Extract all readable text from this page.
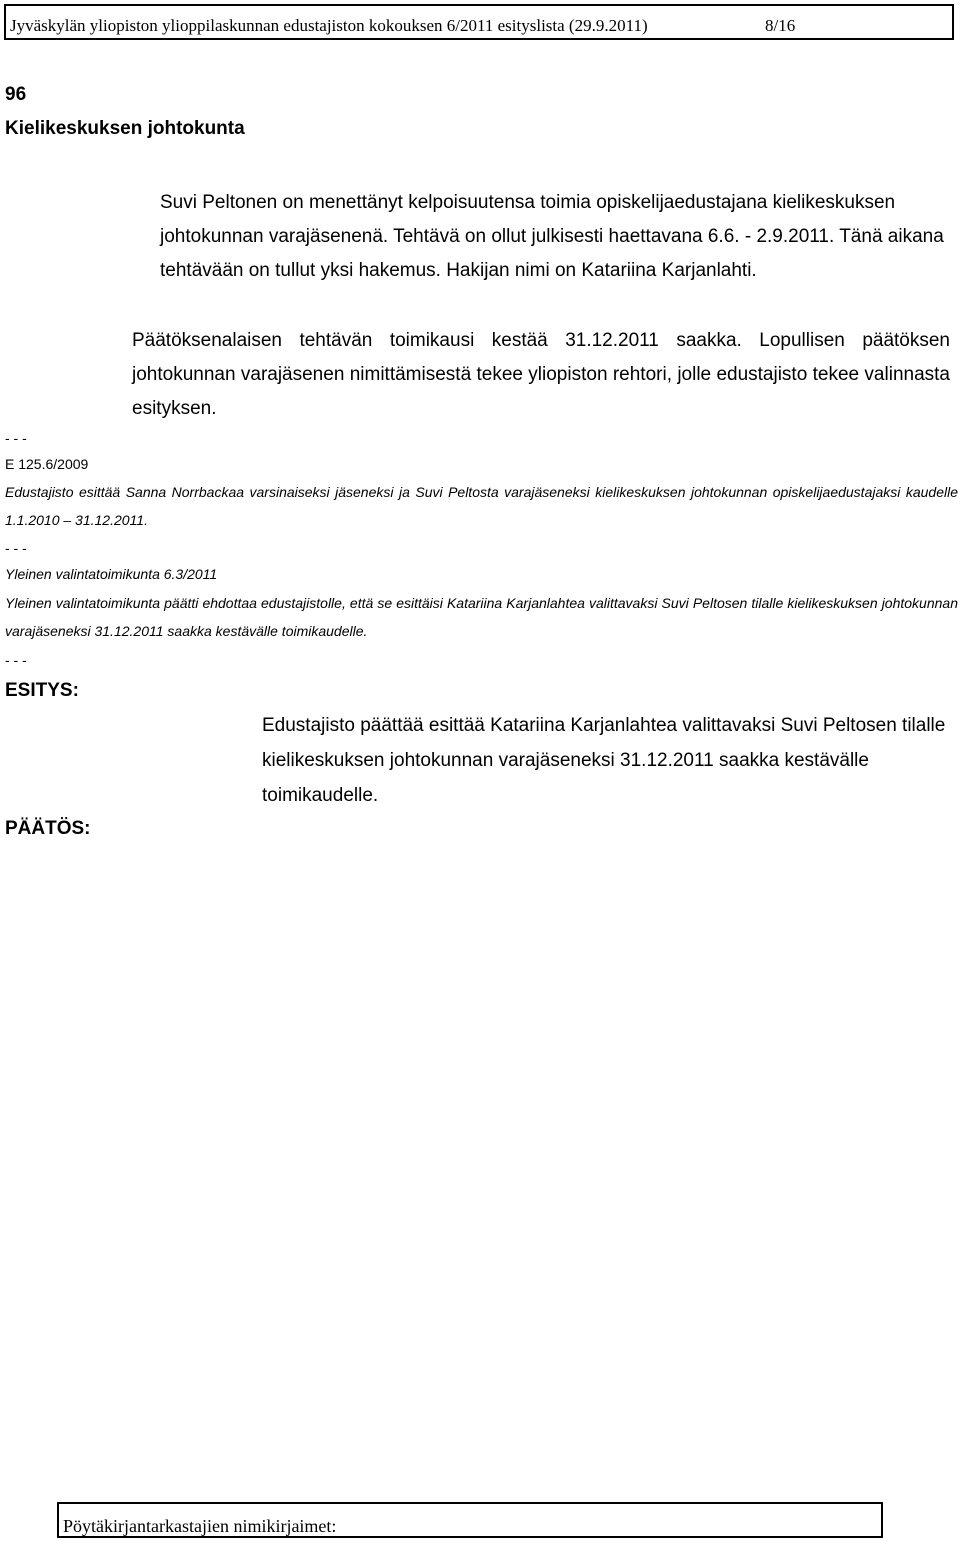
Jyväskylän yliopiston ylioppilaskunnan edustajiston kokouksen 6/2011 esityslista (29.9.2011)	8/16
96
Kielikeskuksen johtokunta
Suvi Peltonen on menettänyt kelpoisuutensa toimia opiskelijaedustajana kielikeskuksen johtokunnan varajäsenenä. Tehtävä on ollut julkisesti haettavana 6.6. - 2.9.2011. Tänä aikana tehtävään on tullut yksi hakemus. Hakijan nimi on Katariina Karjanlahti.
Päätöksenalaisen tehtävän toimikausi kestää 31.12.2011 saakka. Lopullisen päätöksen johtokunnan varajäsenen nimittämisestä tekee yliopiston rehtori, jolle edustajisto tekee valinnasta esityksen.
- - -
E 125.6/2009
Edustajisto esittää Sanna Norrbackaa varsinaiseksi jäseneksi ja Suvi Peltosta varajäseneksi kielikeskuksen johtokunnan opiskelijaedustajaksi kaudelle 1.1.2010 – 31.12.2011.
- - -
Yleinen valintatoimikunta 6.3/2011
Yleinen valintatoimikunta päätti ehdottaa edustajistolle, että se esittäisi Katariina Karjanlahtea valittavaksi Suvi Peltosen tilalle kielikeskuksen johtokunnan varajäseneksi 31.12.2011 saakka kestävälle toimikaudelle.
- - -
ESITYS:
Edustajisto päättää esittää Katariina Karjanlahtea valittavaksi Suvi Peltosen tilalle kielikeskuksen johtokunnan varajäseneksi 31.12.2011 saakka kestävälle toimikaudelle.
PÄÄTÖS:
Pöytäkirjantarkastajien nimikirjaimet:
